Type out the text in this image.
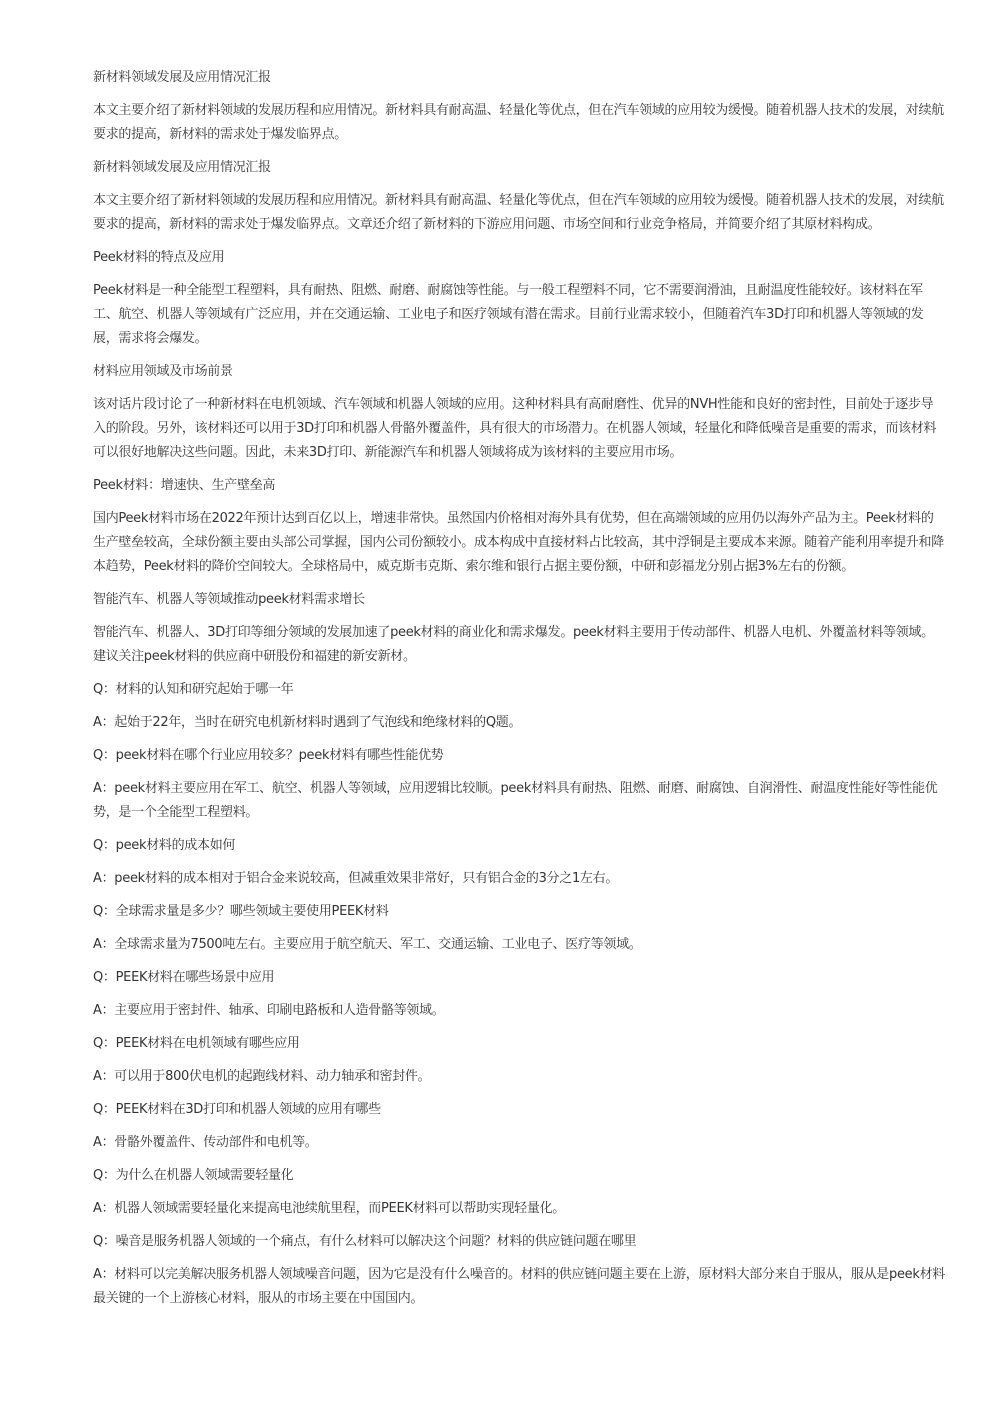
新材料领域发展及应用情况汇报

本文主要介绍了新材料领域的发展历程和应用情况。新材料具有耐高温、轻量化等优点，但在汽车领域的应用较为缓慢。随着机器人技术的发展，对续航要求的提高，新材料的需求处于爆发临界点。

新材料领域发展及应用情况汇报

本文主要介绍了新材料领域的发展历程和应用情况。新材料具有耐高温、轻量化等优点，但在汽车领域的应用较为缓慢。随着机器人技术的发展，对续航要求的提高，新材料的需求处于爆发临界点。文章还介绍了新材料的下游应用问题、市场空间和行业竞争格局，并简要介绍了其原材料构成。

Peek材料的特点及应用

Peek材料是一种全能型工程塑料，具有耐热、阻燃、耐磨、耐腐蚀等性能。与一般工程塑料不同，它不需要润滑油，且耐温度性能较好。该材料在军工、航空、机器人等领域有广泛应用，并在交通运输、工业电子和医疗领域有潜在需求。目前行业需求较小，但随着汽车3D打印和机器人等领域的发展，需求将会爆发。

材料应用领域及市场前景

该对话片段讨论了一种新材料在电机领域、汽车领域和机器人领域的应用。这种材料具有高耐磨性、优异的NVH性能和良好的密封性，目前处于逐步导入的阶段。另外，该材料还可以用于3D打印和机器人骨骼外覆盖件，具有很大的市场潜力。在机器人领域，轻量化和降低噪音是重要的需求，而该材料可以很好地解决这些问题。因此，未来3D打印、新能源汽车和机器人领域将成为该材料的主要应用市场。

Peek材料：增速快、生产壁垒高

国内Peek材料市场在2022年预计达到百亿以上，增速非常快。虽然国内价格相对海外具有优势，但在高端领域的应用仍以海外产品为主。Peek材料的生产壁垒较高，全球份额主要由头部公司掌握，国内公司份额较小。成本构成中直接材料占比较高，其中浮铜是主要成本来源。随着产能利用率提升和降本趋势，Peek材料的降价空间较大。全球格局中，威克斯韦克斯、索尔维和银行占据主要份额，中研和彭福龙分别占据3%左右的份额。

智能汽车、机器人等领域推动peek材料需求增长

智能汽车、机器人、3D打印等细分领域的发展加速了peek材料的商业化和需求爆发。peek材料主要用于传动部件、机器人电机、外覆盖材料等领域。建议关注peek材料的供应商中研股份和福建的新安新材。

Q：材料的认知和研究起始于哪一年

A：起始于22年，当时在研究电机新材料时遇到了气泡线和绝缘材料的Q题。

Q：peek材料在哪个行业应用较多？peek材料有哪些性能优势

A：peek材料主要应用在军工、航空、机器人等领域，应用逻辑比较顺。peek材料具有耐热、阻燃、耐磨、耐腐蚀、自润滑性、耐温度性能好等性能优势，是一个全能型工程塑料。

Q：peek材料的成本如何

A：peek材料的成本相对于铝合金来说较高，但减重效果非常好，只有铝合金的3分之1左右。

Q：全球需求量是多少？哪些领域主要使用PEEK材料

A：全球需求量为7500吨左右。主要应用于航空航天、军工、交通运输、工业电子、医疗等领域。

Q：PEEK材料在哪些场景中应用

A：主要应用于密封件、轴承、印刷电路板和人造骨骼等领域。

Q：PEEK材料在电机领域有哪些应用

A：可以用于800伏电机的起跑线材料、动力轴承和密封件。

Q：PEEK材料在3D打印和机器人领域的应用有哪些

A：骨骼外覆盖件、传动部件和电机等。

Q：为什么在机器人领域需要轻量化

A：机器人领域需要轻量化来提高电池续航里程，而PEEK材料可以帮助实现轻量化。

Q：噪音是服务机器人领域的一个痛点，有什么材料可以解决这个问题？材料的供应链问题在哪里

A：材料可以完美解决服务机器人领域噪音问题，因为它是没有什么噪音的。材料的供应链问题主要在上游，原材料大部分来自于服从，服从是peek材料最关键的一个上游核心材料，服从的市场主要在中国国内。
